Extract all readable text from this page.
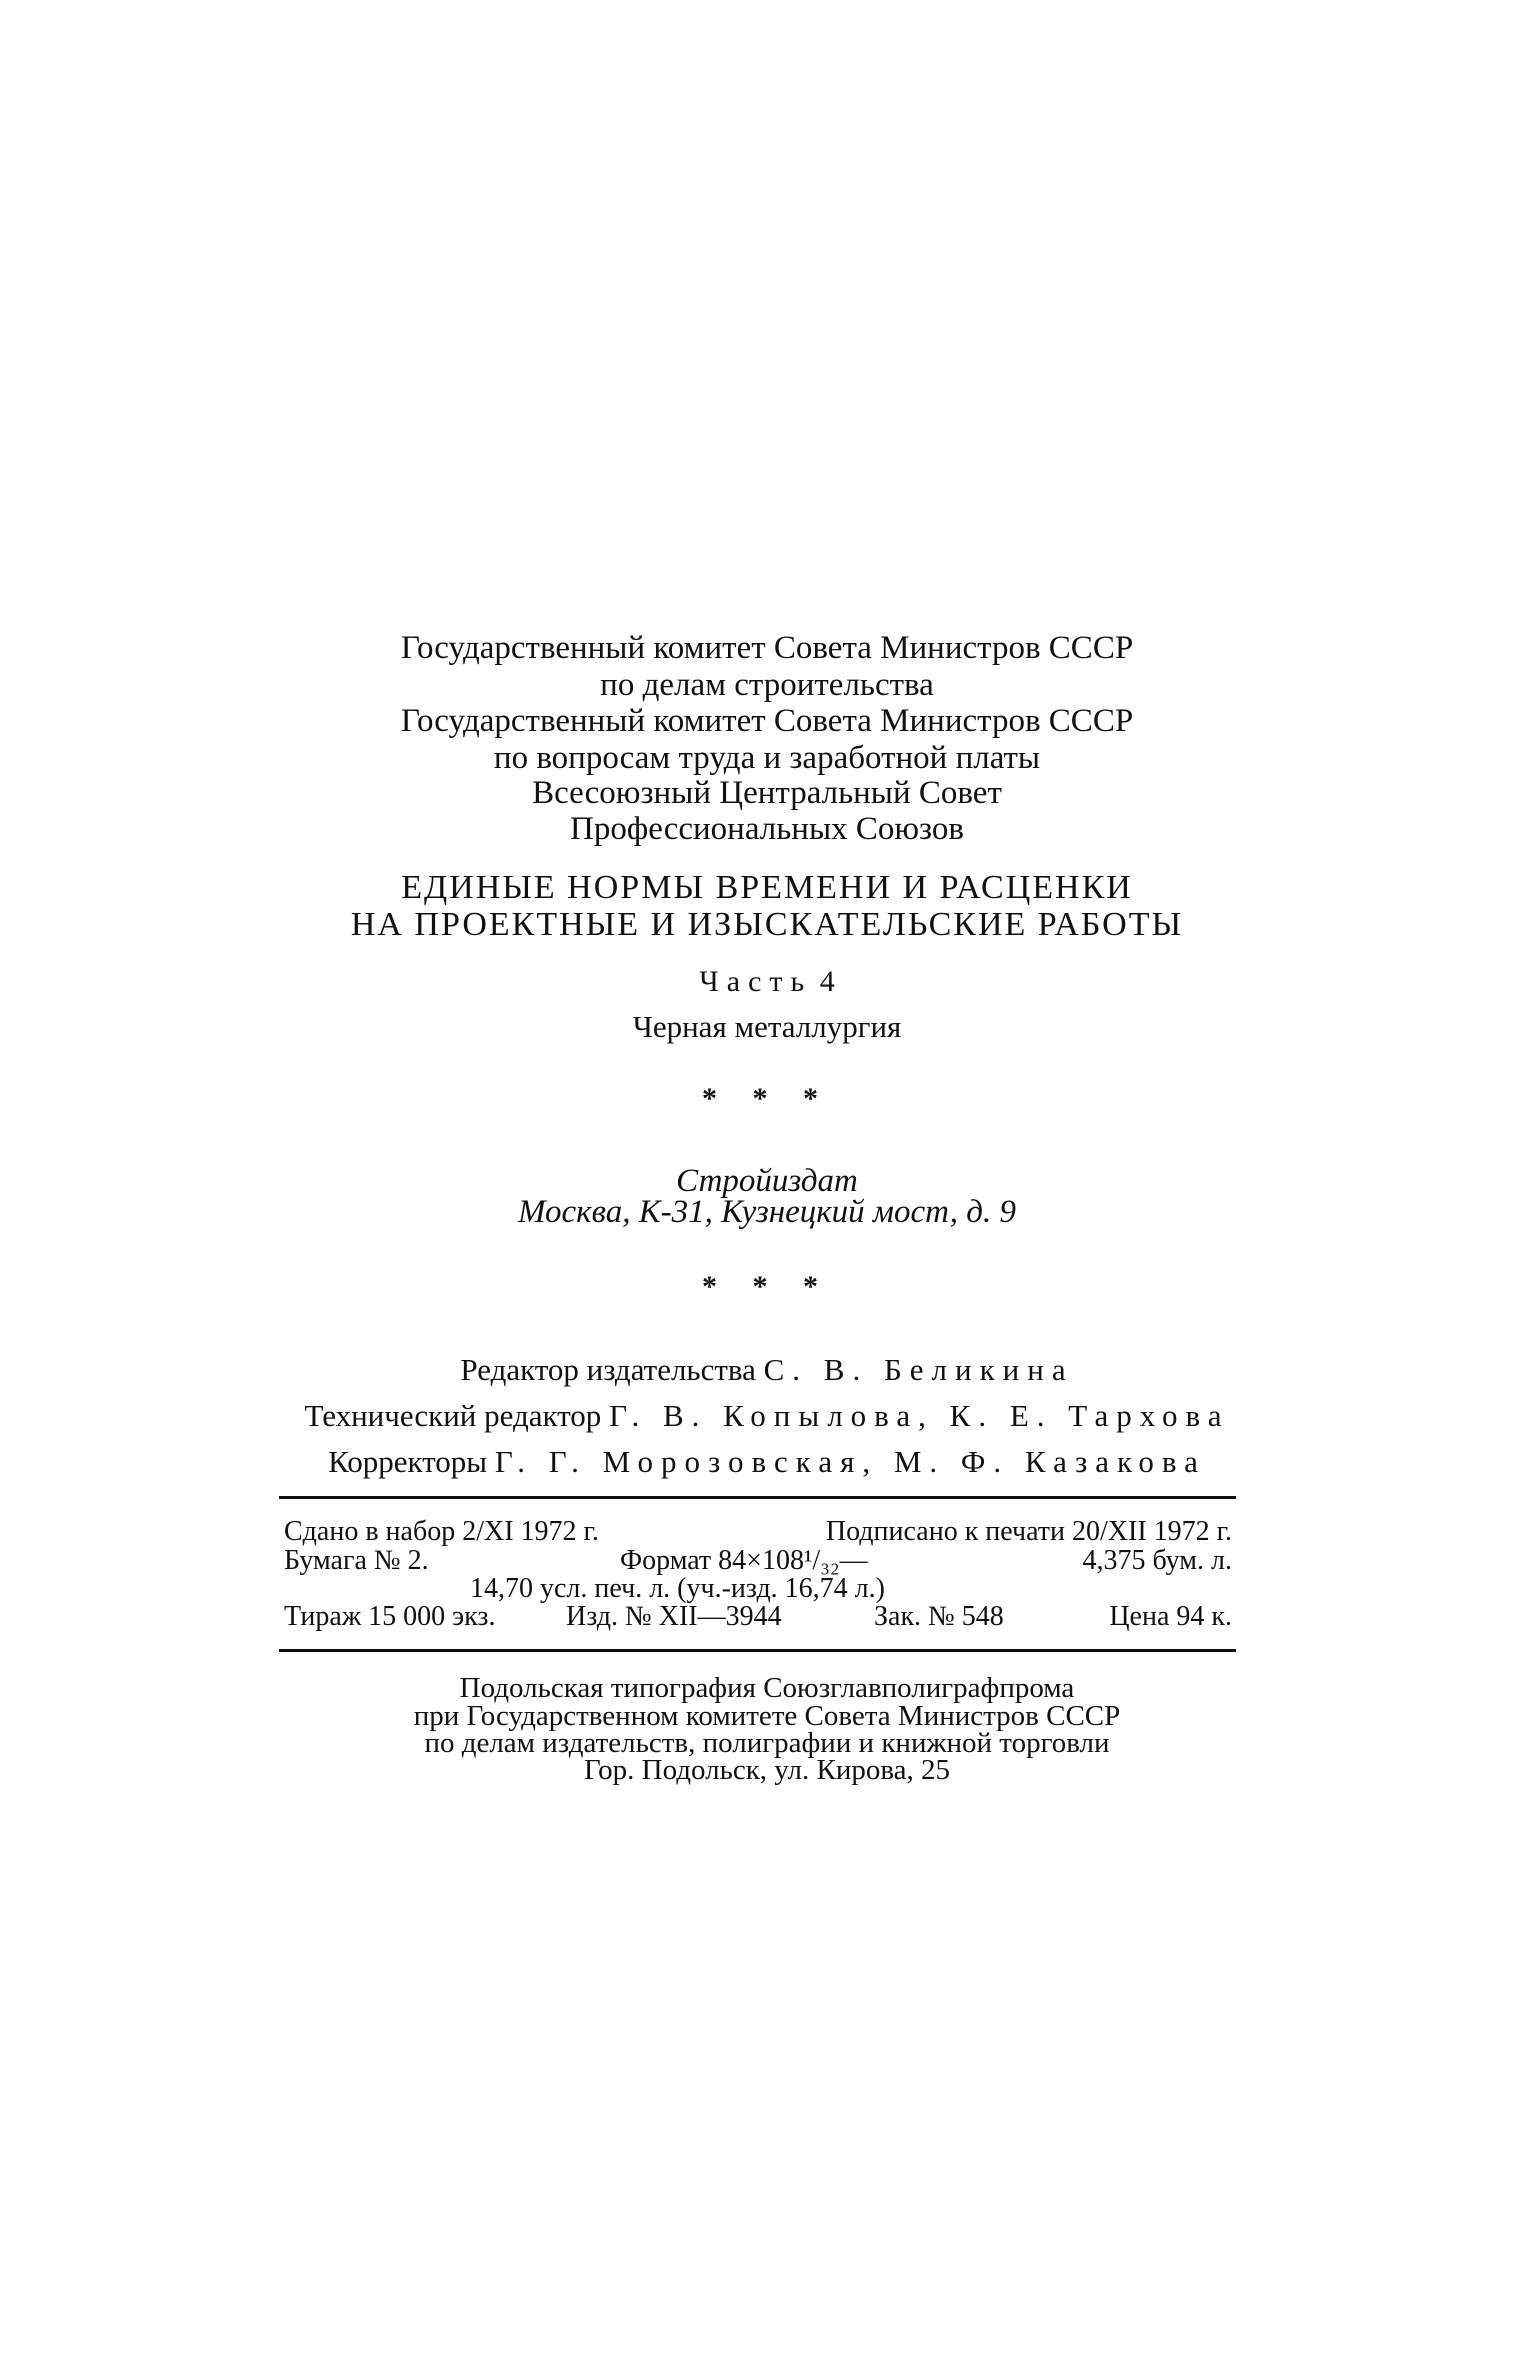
Государственный комитет Совета Министров СССР
по делам строительства
Государственный комитет Совета Министров СССР
по вопросам труда и заработной платы
Всесоюзный Центральный Совет
Профессиональных Союзов
ЕДИНЫЕ НОРМЫ ВРЕМЕНИ И РАСЦЕНКИ
НА ПРОЕКТНЫЕ И ИЗЫСКАТЕЛЬСКИЕ РАБОТЫ
Часть 4
Черная металлургия
* * *
Стройиздат
Москва, К-31, Кузнецкий мост, д. 9
* * *
Редактор издательства С. В. Беликина
Технический редактор Г. В. Копылова, К. Е. Тархова
Корректоры Г. Г. Морозовская, М. Ф. Казакова
Сдано в набор 2/XI 1972 г.	Подписано к печати 20/XII 1972 г.
Бумага № 2.	Формат 84×108¹/₃₂—	4,375 бум. л.
14,70 усл. печ. л. (уч.-изд. 16,74 л.)
Тираж 15 000 экз.	Изд. № XII—3944	Зак. № 548	Цена 94 к.
Подольская типография Союзглавполиграфпрома
при Государственном комитете Совета Министров СССР
по делам издательств, полиграфии и книжной торговли
Гор. Подольск, ул. Кирова, 25
